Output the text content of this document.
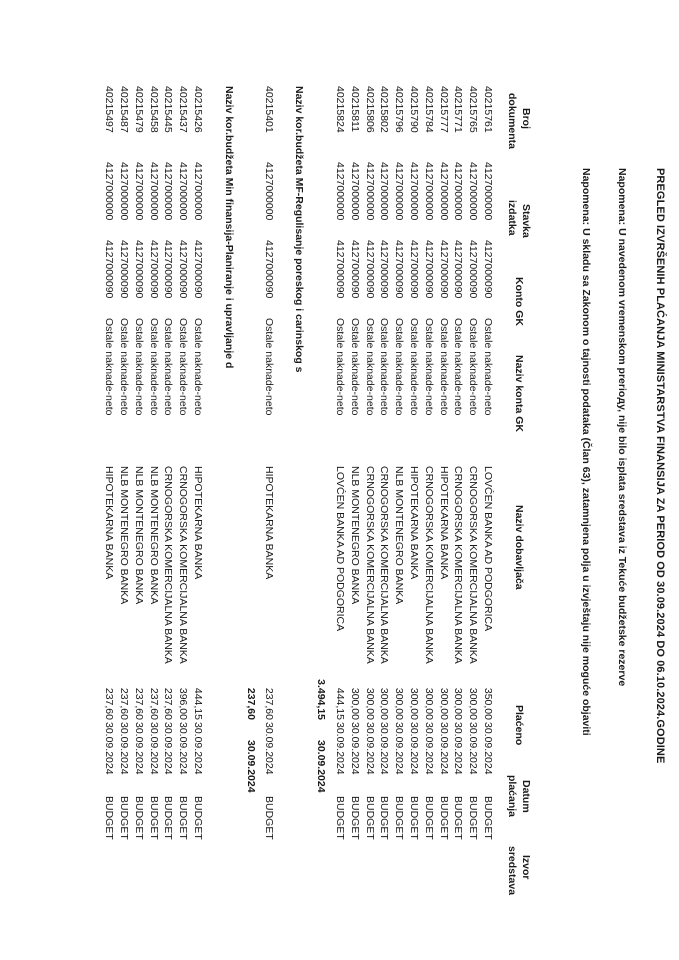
PREGLED IZVRŠENIH PLAĆANJA MINISTARSTVA FINANSIJA ZA PERIOD OD 30.09.2024 DO 06.10.2024.GODINE
Napomena: U navedenom vremenskom prerioду, nije bilo isplata sredstava iz Tekuće budžetske rezerve
Napomena: U skladu sa Zakonom o tajnosti podataka (Član 63), zatamnjena polja u izvještaju nije moguće objaviti
Broj
dokumenta
Stavka
izdatka
Konto GK
Naziv konta GK
Naziv dobavljača
Plaćeno
Datum
plaćanja
Izvor
sredstava
40215761
4127000000
4127000090
Ostale naknade-neto
LOVĆEN BANKA AD PODGORICA
350,00
30.09.2024
BUDGET
40215765
4127000000
4127000090
Ostale naknade-neto
CRNOGORSKA KOMERCIJALNA BANKA
300,00
30.09.2024
BUDGET
40215771
4127000000
4127000090
Ostale naknade-neto
CRNOGORSKA KOMERCIJALNA BANKA
300,00
30.09.2024
BUDGET
40215777
4127000000
4127000090
Ostale naknade-neto
HIPOTEKARNA BANKA
300,00
30.09.2024
BUDGET
40215784
4127000000
4127000090
Ostale naknade-neto
CRNOGORSKA KOMERCIJALNA BANKA
300,00
30.09.2024
BUDGET
40215790
4127000000
4127000090
Ostale naknade-neto
HIPOTEKARNA BANKA
300,00
30.09.2024
BUDGET
40215796
4127000000
4127000090
Ostale naknade-neto
NLB MONTENEGRO BANKA
300,00
30.09.2024
BUDGET
40215802
4127000000
4127000090
Ostale naknade-neto
CRNOGORSKA KOMERCIJALNA BANKA
300,00
30.09.2024
BUDGET
40215806
4127000000
4127000090
Ostale naknade-neto
CRNOGORSKA KOMERCIJALNA BANKA
300,00
30.09.2024
BUDGET
40215811
4127000000
4127000090
Ostale naknade-neto
NLB MONTENEGRO BANKA
300,00
30.09.2024
BUDGET
40215824
4127000000
4127000090
Ostale naknade-neto
LOVĆEN BANKA AD PODGORICA
444,15
30.09.2024
BUDGET
Naziv kor.budžeta MF-Regulisanje poreskog i carinskog s
3.494,15
30.09.2024
40215401
4127000000
4127000090
Ostale naknade-neto
HIPOTEKARNA BANKA
237,60
30.09.2024
BUDGET
Naziv kor.budžeta Min finansija-Planiranje i upravljanje d
237,60
30.09.2024
40215426
4127000000
4127000090
Ostale naknade-neto
HIPOTEKARNA BANKA
444,15
30.09.2024
BUDGET
40215437
4127000000
4127000090
Ostale naknade-neto
CRNOGORSKA KOMERCIJALNA BANKA
396,00
30.09.2024
BUDGET
40215445
4127000000
4127000090
Ostale naknade-neto
CRNOGORSKA KOMERCIJALNA BANKA
237,60
30.09.2024
BUDGET
40215458
4127000000
4127000090
Ostale naknade-neto
NLB MONTENEGRO BANKA
237,60
30.09.2024
BUDGET
40215479
4127000000
4127000090
Ostale naknade-neto
NLB MONTENEGRO BANKA
237,60
30.09.2024
BUDGET
40215487
4127000000
4127000090
Ostale naknade-neto
NLB MONTENEGRO BANKA
237,60
30.09.2024
BUDGET
40215497
4127000000
4127000090
Ostale naknade-neto
HIPOTEKARNA BANKA
237,60
30.09.2024
BUDGET
